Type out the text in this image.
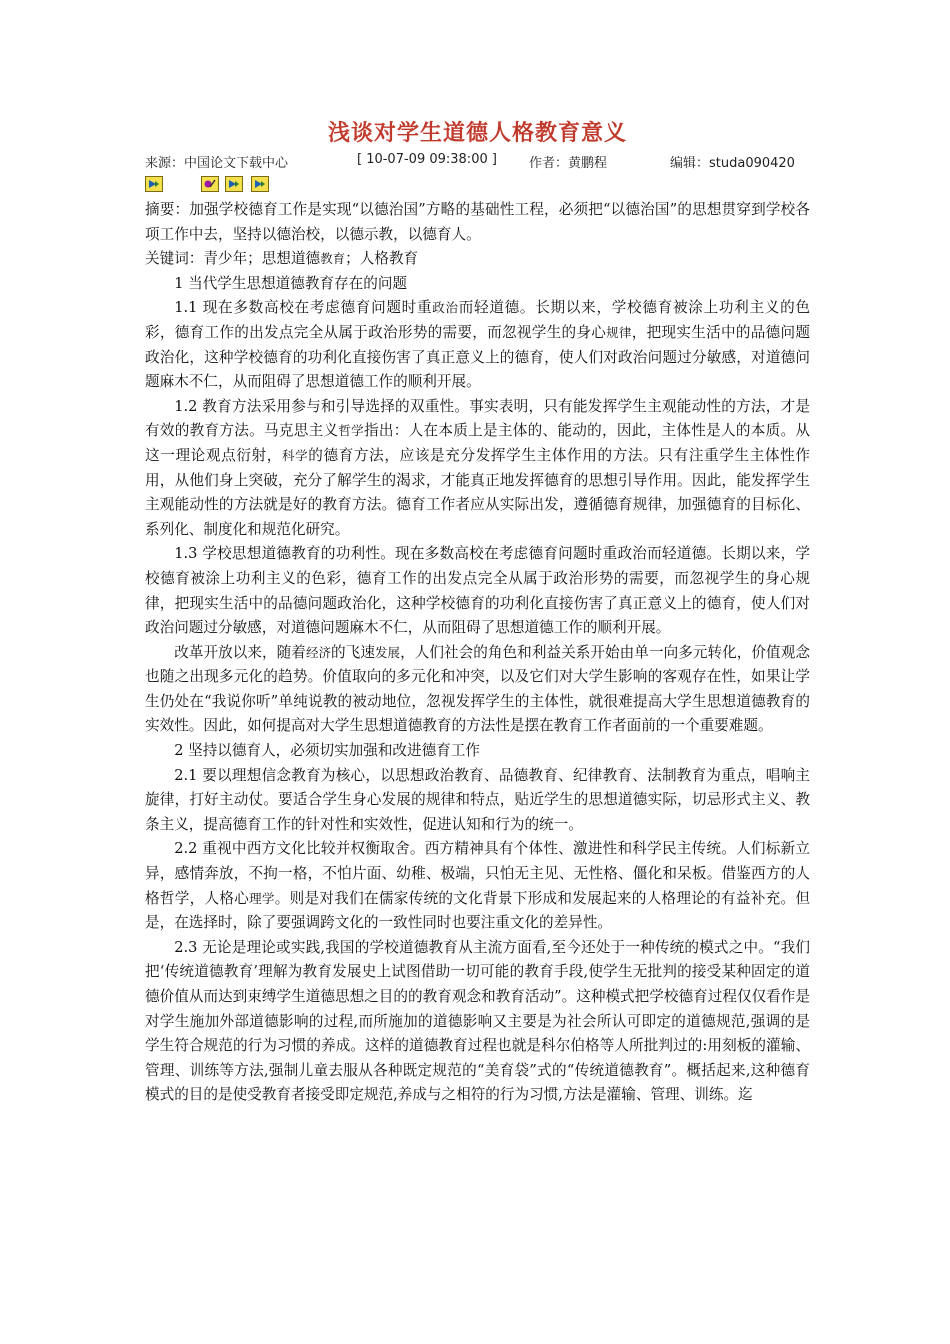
浅谈对学生道德人格教育意义
来源：中国论文下载中心	[ 10-07-09 09:38:00 ] 作者：黄鹏程	编辑：studa090420

摘要：加强学校德育工作是实现“以德治国”方略的基础性工程，必须把“以德治国”的思想贯穿到学校各项工作中去，坚持以德治校，以德示教，以德育人。

关键词：青少年；思想道德教育；人格教育

1 当代学生思想道德教育存在的问题

1.1 现在多数高校在考虑德育问题时重政治而轻道德。长期以来，学校德育被涂上功利主义的色彩，德育工作的出发点完全从属于政治形势的需要，而忽视学生的身心规律，把现实生活中的品德问题政治化，这种学校德育的功利化直接伤害了真正意义上的德育，使人们对政治问题过分敏感，对道德问题麻木不仁，从而阻碍了思想道德工作的顺利开展。

1.2 教育方法采用参与和引导选择的双重性。事实表明，只有能发挥学生主观能动性的方法，才是有效的教育方法。马克思主义哲学指出：人在本质上是主体的、能动的，因此，主体性是人的本质。从这一理论观点衍射，科学的德育方法，应该是充分发挥学生主体作用的方法。只有注重学生主体性作用，从他们身上突破，充分了解学生的渴求，才能真正地发挥德育的思想引导作用。因此，能发挥学生主观能动性的方法就是好的教育方法。德育工作者应从实际出发，遵循德育规律，加强德育的目标化、系列化、制度化和规范化研究。

1.3 学校思想道德教育的功利性。现在多数高校在考虑德育问题时重政治而轻道德。长期以来，学校德育被涂上功利主义的色彩，德育工作的出发点完全从属于政治形势的需要，而忽视学生的身心规律，把现实生活中的品德问题政治化，这种学校德育的功利化直接伤害了真正意义上的德育，使人们对政治问题过分敏感，对道德问题麻木不仁，从而阻碍了思想道德工作的顺利开展。

改革开放以来，随着经济的飞速发展，人们社会的角色和利益关系开始由单一向多元转化，价值观念也随之出现多元化的趋势。价值取向的多元化和冲突，以及它们对大学生影响的客观存在性，如果让学生仍处在“我说你听”单纯说教的被动地位，忽视发挥学生的主体性，就很难提高大学生思想道德教育的实效性。因此，如何提高对大学生思想道德教育的方法性是摆在教育工作者面前的一个重要难题。

2 坚持以德育人，必须切实加强和改进德育工作

2.1 要以理想信念教育为核心，以思想政治教育、品德教育、纪律教育、法制教育为重点，唱响主旋律，打好主动仗。要适合学生身心发展的规律和特点，贴近学生的思想道德实际，切忌形式主义、教条主义，提高德育工作的针对性和实效性，促进认知和行为的统一。

2.2 重视中西方文化比较并权衡取舍。西方精神具有个体性、激进性和科学民主传统。人们标新立异，感情奔放，不拘一格，不怕片面、幼稚、极端，只怕无主见、无性格、僵化和呆板。借鉴西方的人格哲学，人格心理学。则是对我们在儒家传统的文化背景下形成和发展起来的人格理论的有益补充。但是，在选择时，除了要强调跨文化的一致性同时也要注重文化的差异性。

2.3 无论是理论或实践,我国的学校道德教育从主流方面看,至今还处于一种传统的模式之中。“我们把‘传统道德教育’理解为教育发展史上试图借助一切可能的教育手段,使学生无批判的接受某种固定的道德价值从而达到束缚学生道德思想之目的的教育观念和教育活动”。这种模式把学校德育过程仅仅看作是对学生施加外部道德影响的过程,而所施加的道德影响又主要是为社会所认可即定的道德规范,强调的是学生符合规范的行为习惯的养成。这样的道德教育过程也就是科尔伯格等人所批判过的:用刻板的灌输、管理、训练等方法,强制儿童去服从各种既定规范的“美育袋”式的“传统道德教育”。概括起来,这种德育模式的目的是使受教育者接受即定规范,养成与之相符的行为习惯,方法是灌输、管理、训练。迄
